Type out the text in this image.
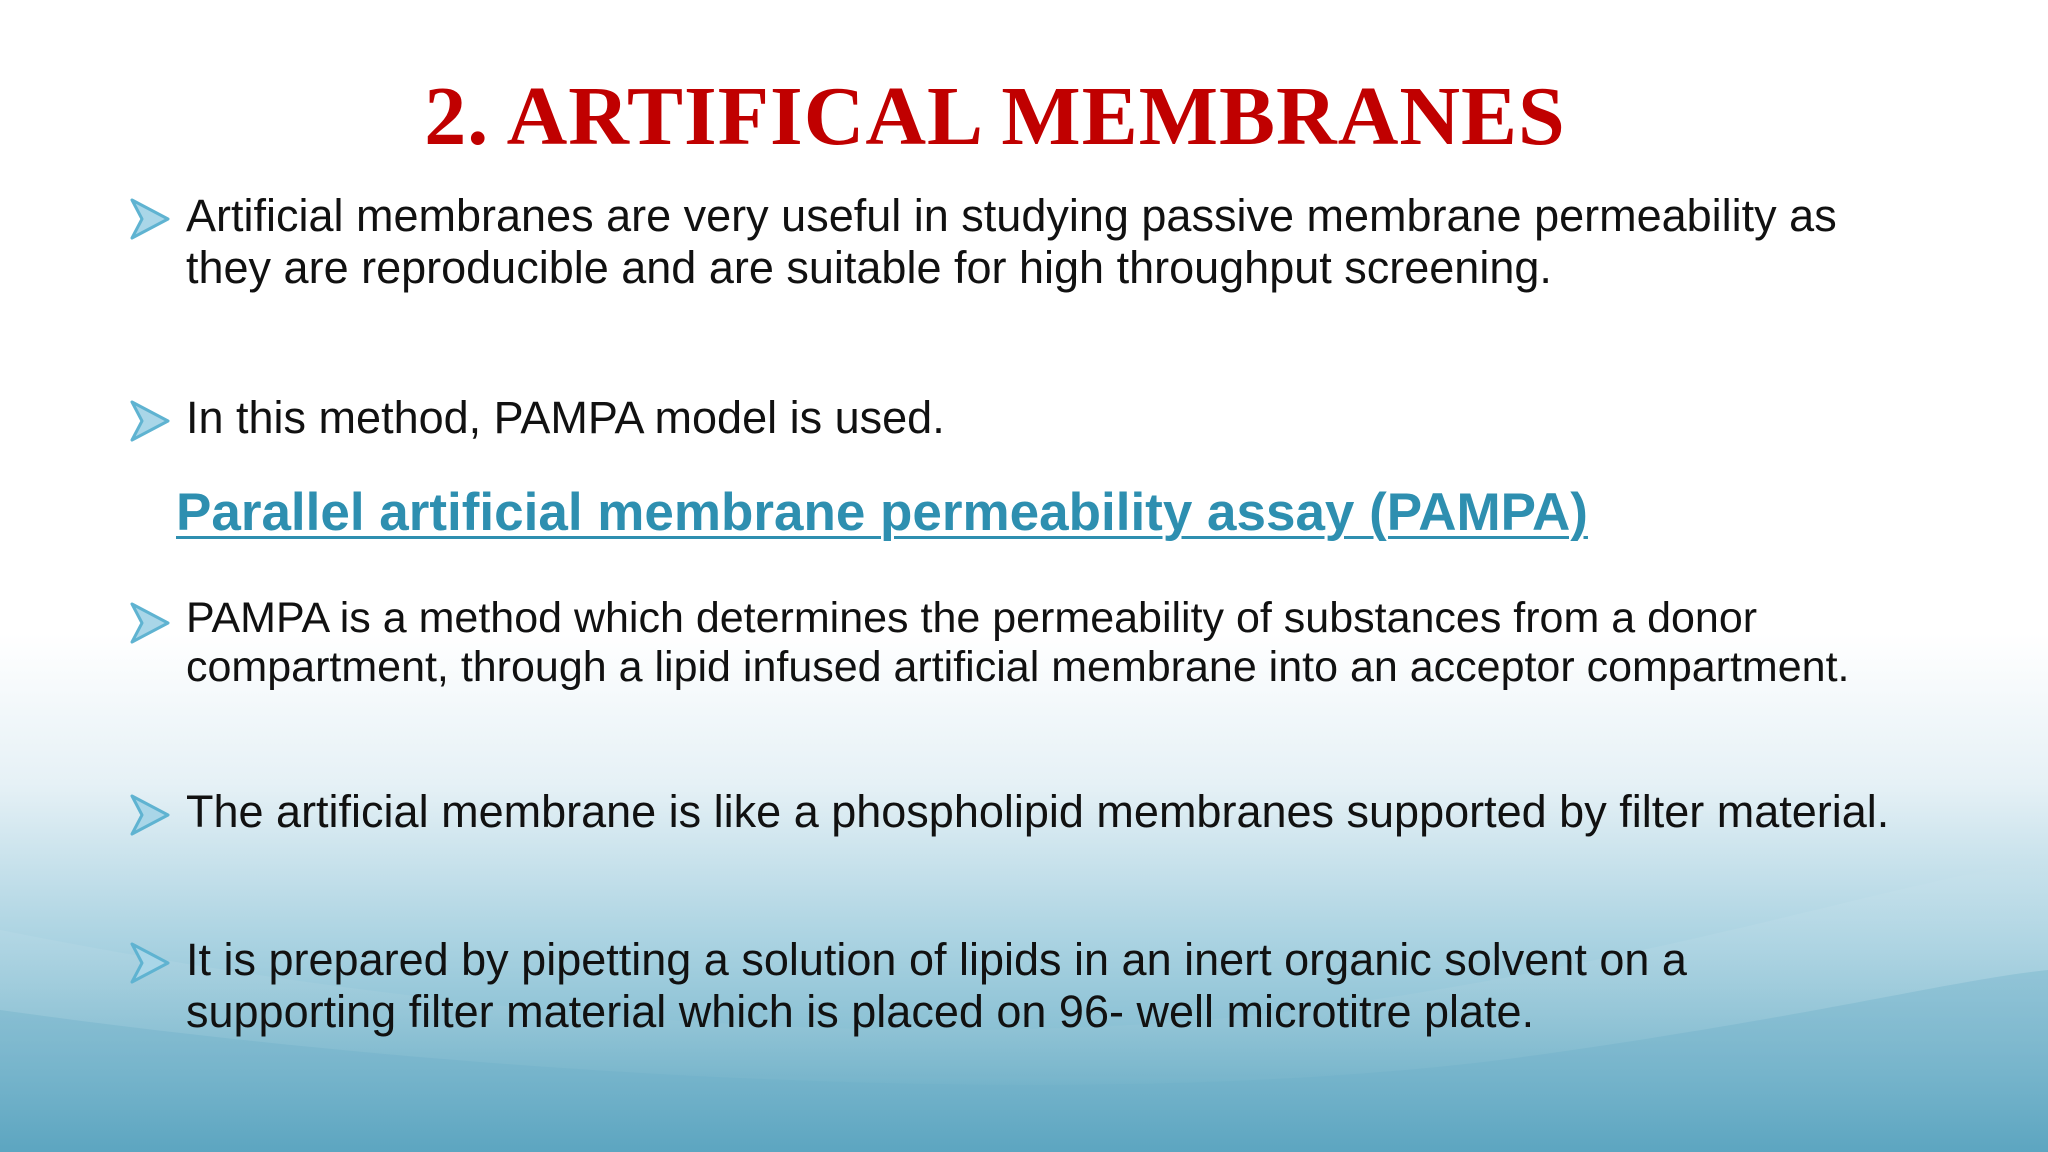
2. ARTIFICAL MEMBRANES
Artificial membranes are very useful in studying passive membrane permeability as they are reproducible and are suitable for high throughput screening.
In this method, PAMPA model is used.
Parallel artificial membrane permeability assay (PAMPA)
PAMPA is a method which determines the permeability of substances from a donor compartment, through a lipid infused artificial membrane into an acceptor compartment.
The artificial membrane is like a phospholipid membranes supported by filter material.
It is prepared by pipetting a solution of lipids in an inert organic solvent on a supporting filter material which is placed on 96- well microtitre plate.
